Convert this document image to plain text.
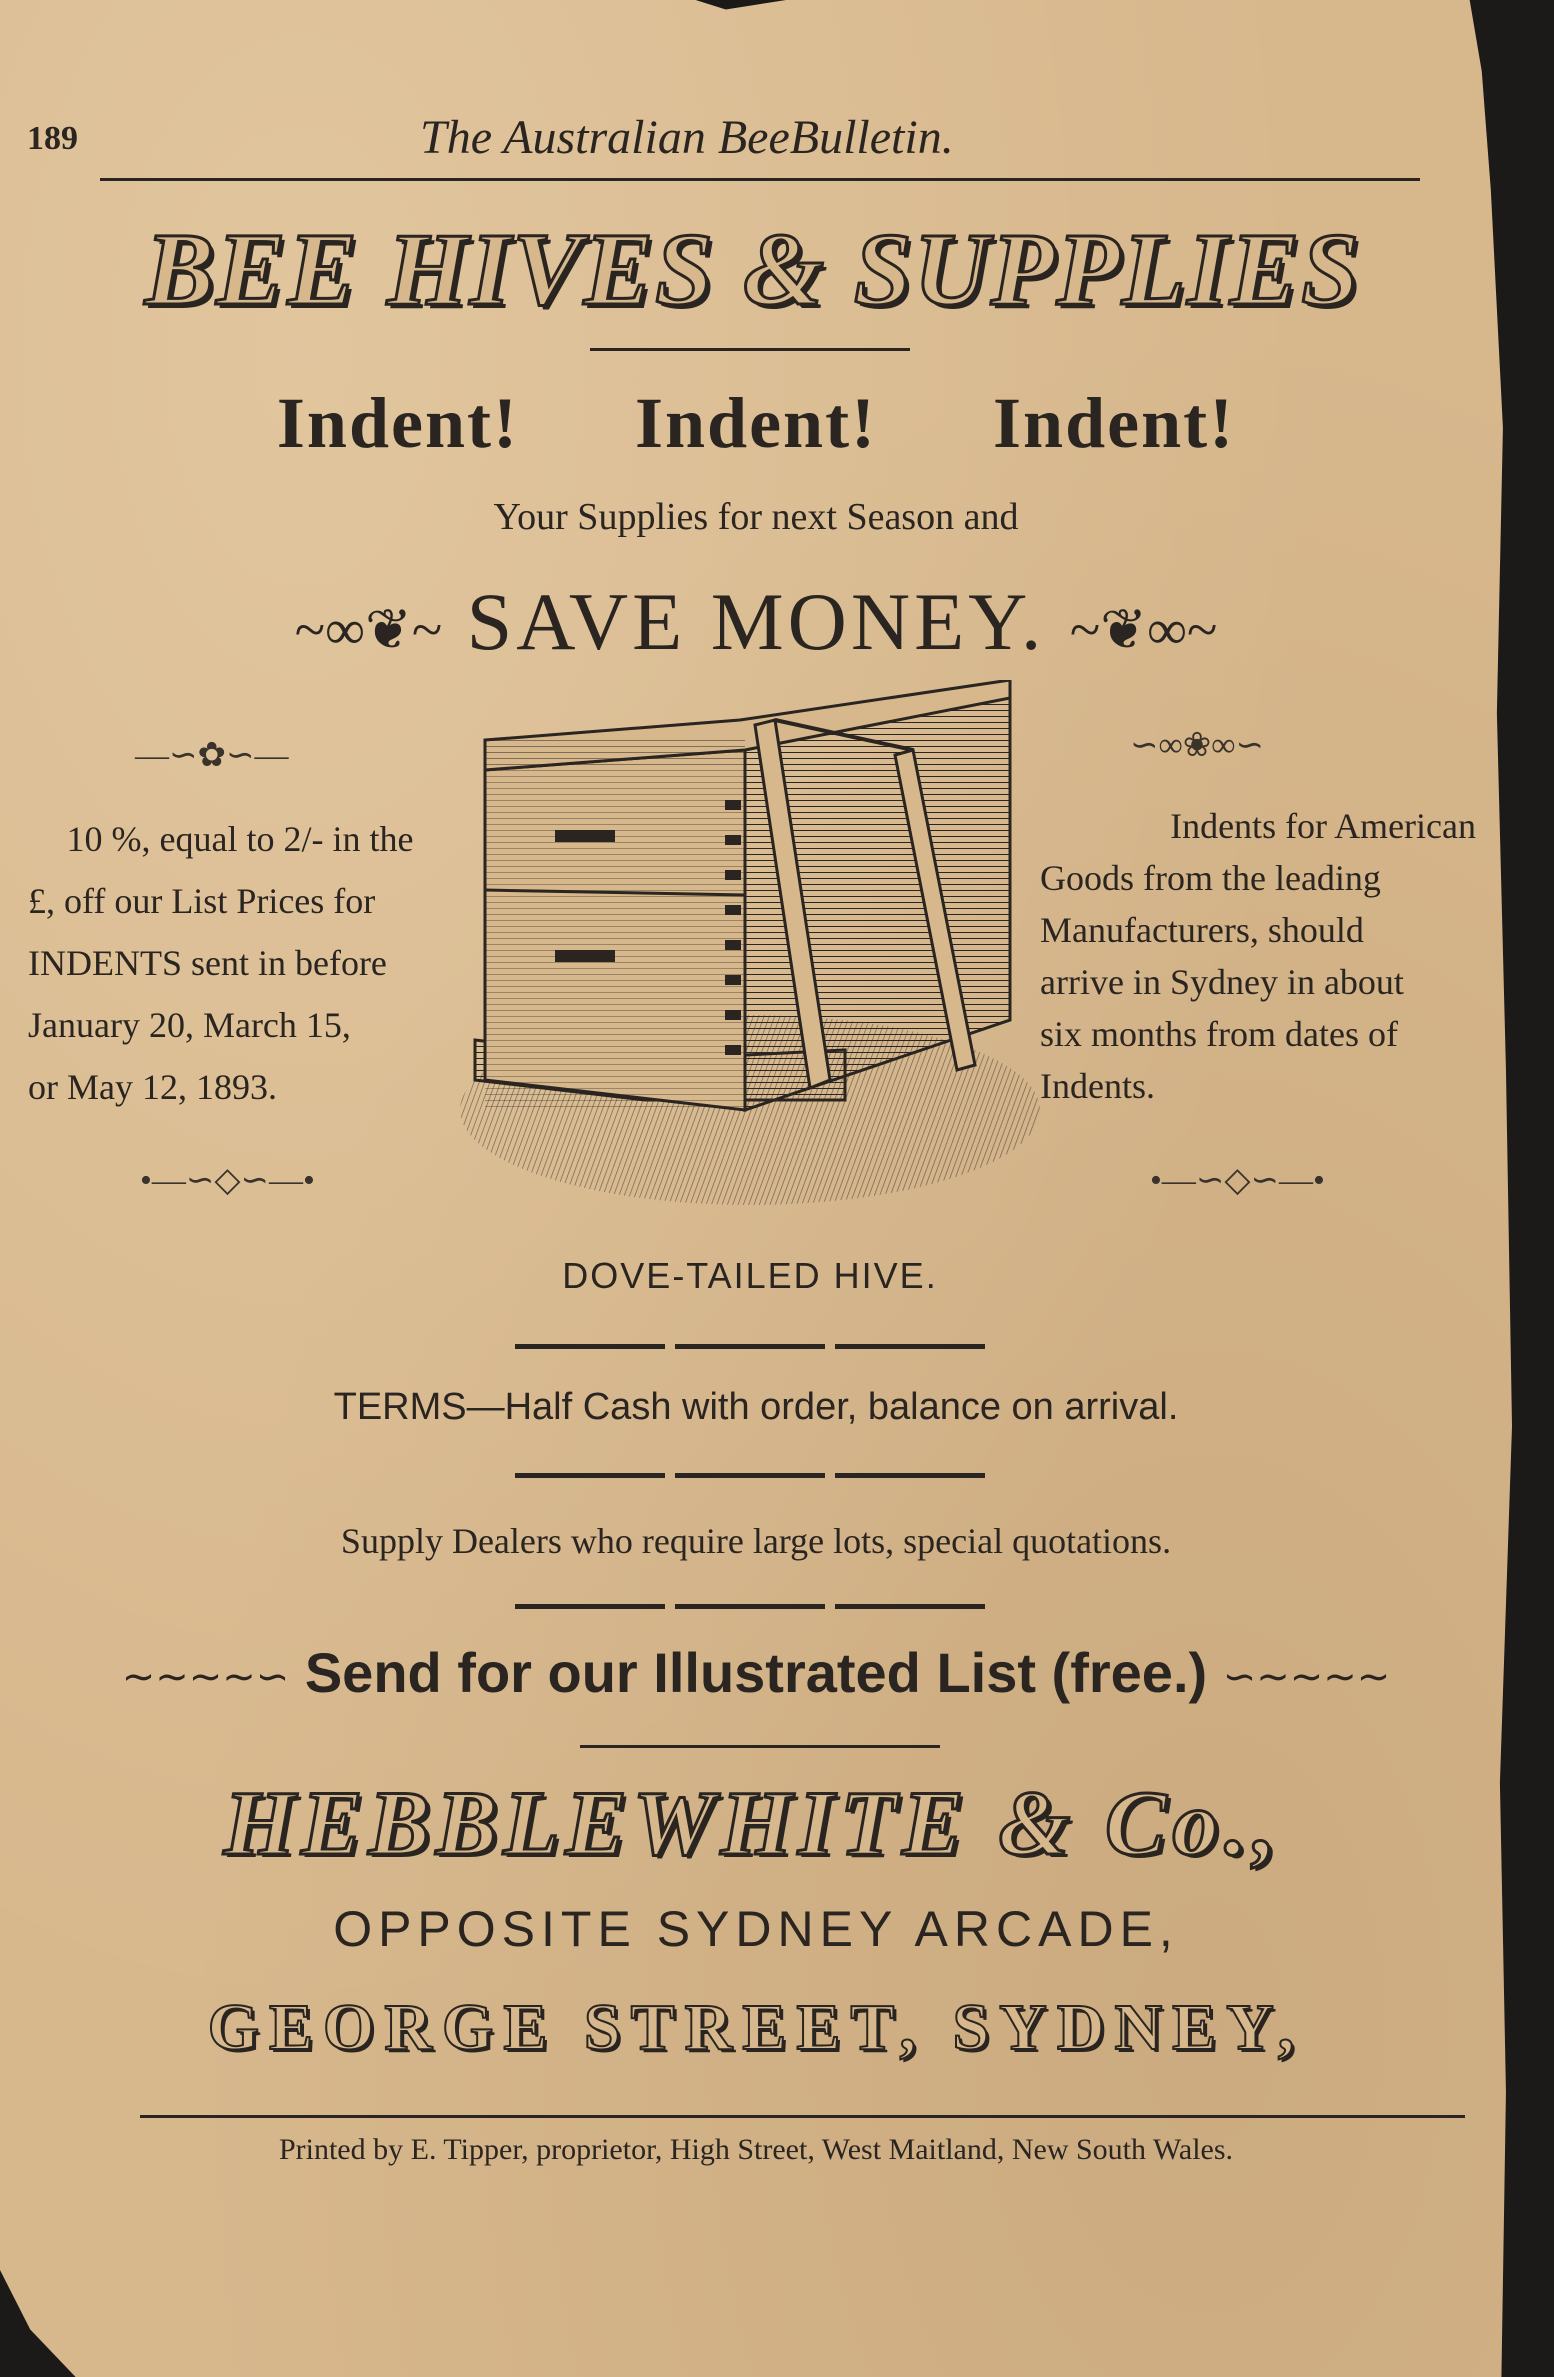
189	The Australian BeeBulletin.
BEE HIVES & SUPPLIES
Indent! Indent! Indent!
Your Supplies for next Season and
~∞❦~ SAVE MONEY. ~❦∞~
—∽✿∽—	∽∞❀∞∽
10 %, equal to 2/- in the
£, off our List Prices for
INDENTS sent in before
January 20, March 15,
or May 12, 1893.
Indents for American
Goods from the leading
Manufacturers, should
arrive in Sydney in about
six months from dates of
Indents.
•—∽◇∽—•	•—∽◇∽—•
DOVE-TAILED HIVE.
TERMS—Half Cash with order, balance on arrival.
Supply Dealers who require large lots, special quotations.
∼∼∼∼∽ Send for our Illustrated List (free.) ∽∼∼∼∼
HEBBLEWHITE & Co.,
OPPOSITE SYDNEY ARCADE,
GEORGE STREET, SYDNEY,
Printed by E. Tipper, proprietor, High Street, West Maitland, New South Wales.
